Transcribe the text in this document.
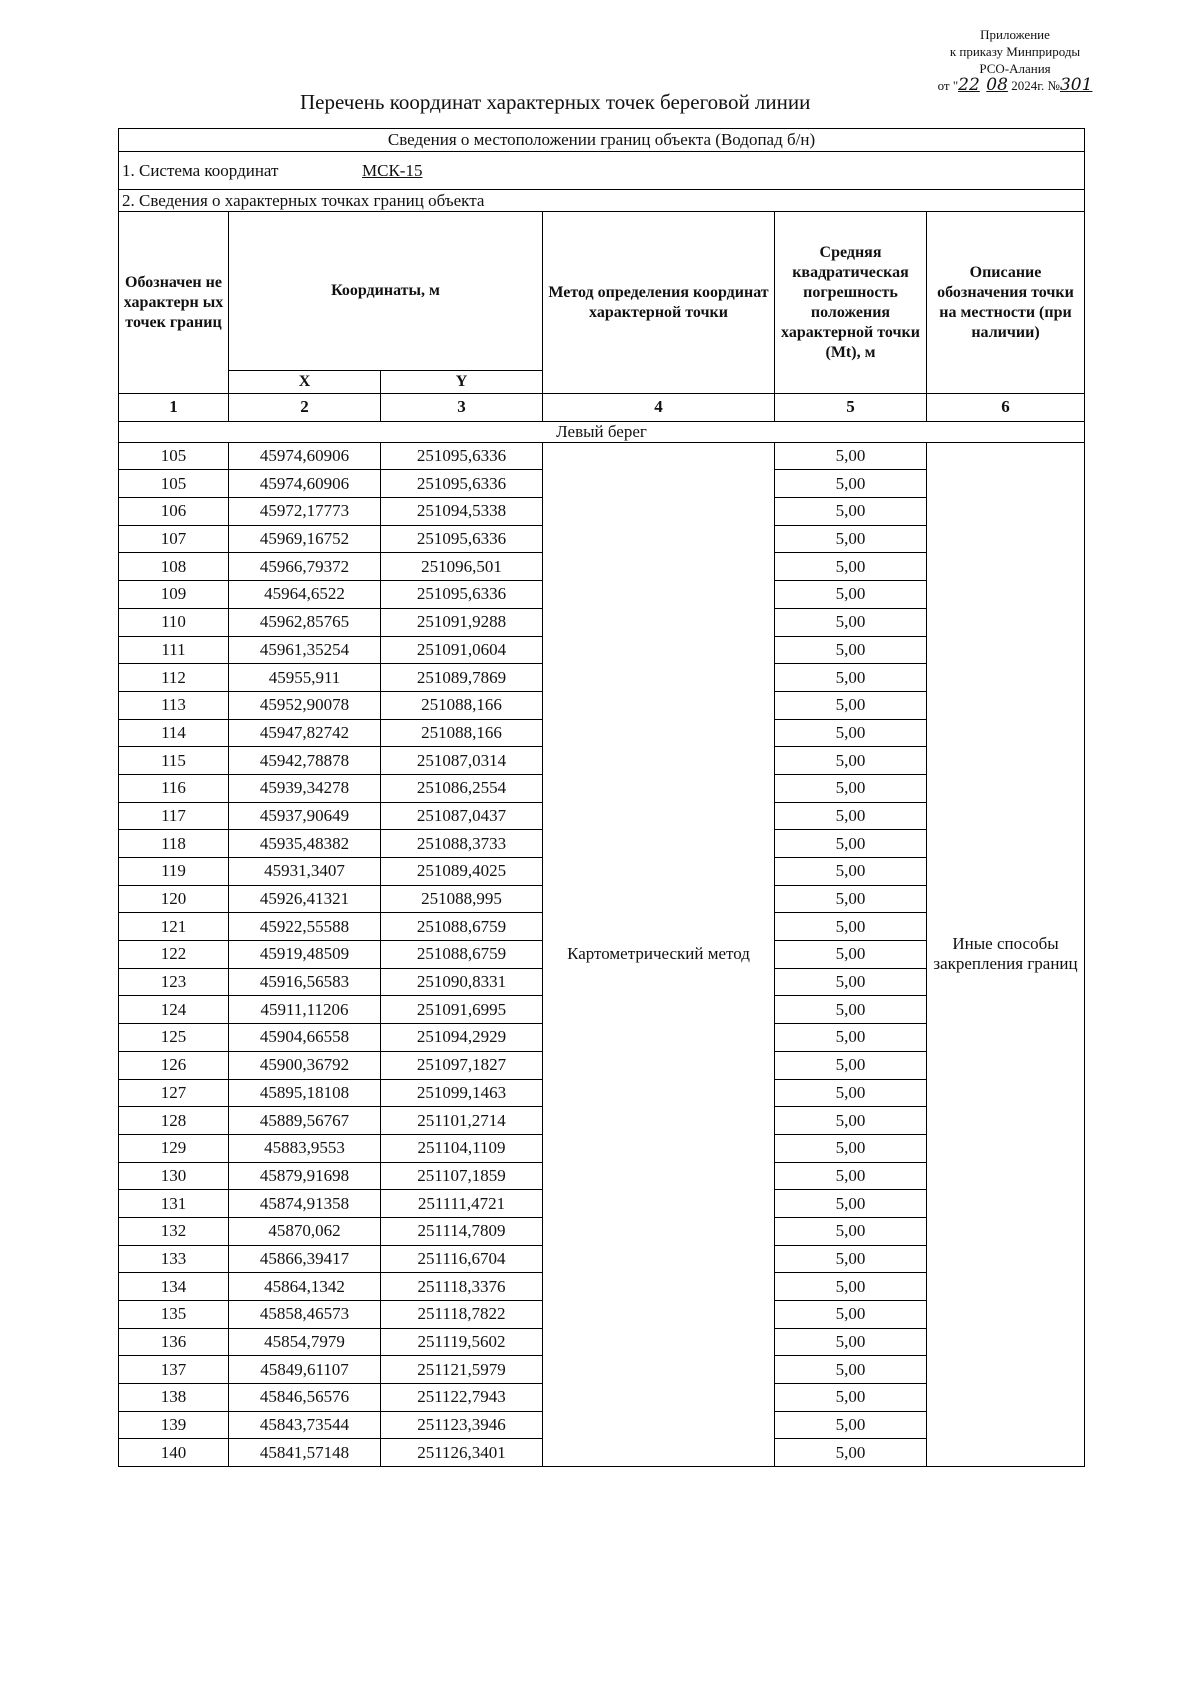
Приложение
к приказу Минприроды
РСО-Алания
от "22 08 2024г. №301
Перечень координат характерных точек береговой линии
Сведения о местоположении границ объекта (Водопад б/н)					
1. Система координат МСК-15					
2. Сведения о характерных точках границ объекта					
Обозначен не характерн ых точек границ	Координаты, м		Метод определения координат характерной точки	Средняя квадратическая погрешность положения характерной точки (Mt), м	Описание обозначения точки на местности (при наличии)
	X	Y			
1	2	3	4	5	6
Левый берег					
105	45974,60906	251095,6336	Картометрический метод	5,00	Иные способы закрепления границ
105	45974,60906	251095,6336		5,00	
106	45972,17773	251094,5338		5,00	
107	45969,16752	251095,6336		5,00	
108	45966,79372	251096,501		5,00	
109	45964,6522	251095,6336		5,00	
110	45962,85765	251091,9288		5,00	
111	45961,35254	251091,0604		5,00	
112	45955,911	251089,7869		5,00	
113	45952,90078	251088,166		5,00	
114	45947,82742	251088,166		5,00	
115	45942,78878	251087,0314		5,00	
116	45939,34278	251086,2554		5,00	
117	45937,90649	251087,0437		5,00	
118	45935,48382	251088,3733		5,00	
119	45931,3407	251089,4025		5,00	
120	45926,41321	251088,995		5,00	
121	45922,55588	251088,6759		5,00	
122	45919,48509	251088,6759		5,00	
123	45916,56583	251090,8331		5,00	
124	45911,11206	251091,6995		5,00	
125	45904,66558	251094,2929		5,00	
126	45900,36792	251097,1827		5,00	
127	45895,18108	251099,1463		5,00	
128	45889,56767	251101,2714		5,00	
129	45883,9553	251104,1109		5,00	
130	45879,91698	251107,1859		5,00	
131	45874,91358	251111,4721		5,00	
132	45870,062	251114,7809		5,00	
133	45866,39417	251116,6704		5,00	
134	45864,1342	251118,3376		5,00	
135	45858,46573	251118,7822		5,00	
136	45854,7979	251119,5602		5,00	
137	45849,61107	251121,5979		5,00	
138	45846,56576	251122,7943		5,00	
139	45843,73544	251123,3946		5,00	
140	45841,57148	251126,3401		5,00	
